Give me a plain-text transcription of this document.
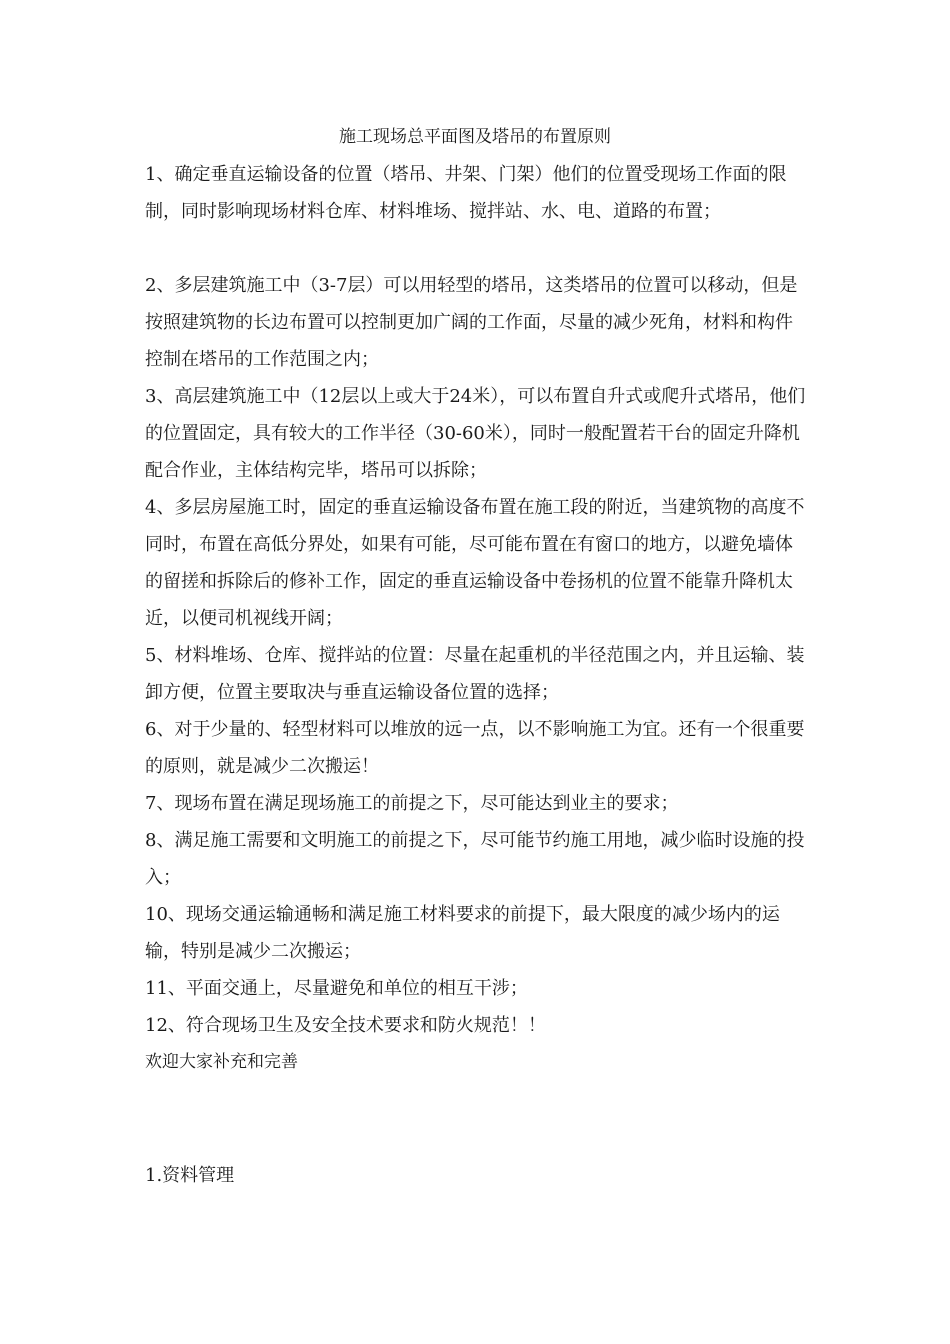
施工现场总平面图及塔吊的布置原则

1、确定垂直运输设备的位置（塔吊、井架、门架）他们的位置受现场工作面的限制，同时影响现场材料仓库、材料堆场、搅拌站、水、电、道路的布置；

2、多层建筑施工中（3-7层）可以用轻型的塔吊，这类塔吊的位置可以移动，但是按照建筑物的长边布置可以控制更加广阔的工作面，尽量的减少死角，材料和构件控制在塔吊的工作范围之内；

3、高层建筑施工中（12层以上或大于24米），可以布置自升式或爬升式塔吊，他们的位置固定，具有较大的工作半径（30-60米），同时一般配置若干台的固定升降机配合作业，主体结构完毕，塔吊可以拆除；

4、多层房屋施工时，固定的垂直运输设备布置在施工段的附近，当建筑物的高度不同时，布置在高低分界处，如果有可能，尽可能布置在有窗口的地方，以避免墙体的留搓和拆除后的修补工作，固定的垂直运输设备中卷扬机的位置不能靠升降机太近，以便司机视线开阔；

5、材料堆场、仓库、搅拌站的位置：尽量在起重机的半径范围之内，并且运输、装卸方便，位置主要取决与垂直运输设备位置的选择；

6、对于少量的、轻型材料可以堆放的远一点，以不影响施工为宜。还有一个很重要的原则，就是减少二次搬运！

7、现场布置在满足现场施工的前提之下，尽可能达到业主的要求；

8、满足施工需要和文明施工的前提之下，尽可能节约施工用地，减少临时设施的投入；

10、现场交通运输通畅和满足施工材料要求的前提下，最大限度的减少场内的运输，特别是减少二次搬运；

11、平面交通上，尽量避免和单位的相互干涉；

12、符合现场卫生及安全技术要求和防火规范！！

欢迎大家补充和完善

1.资料管理
